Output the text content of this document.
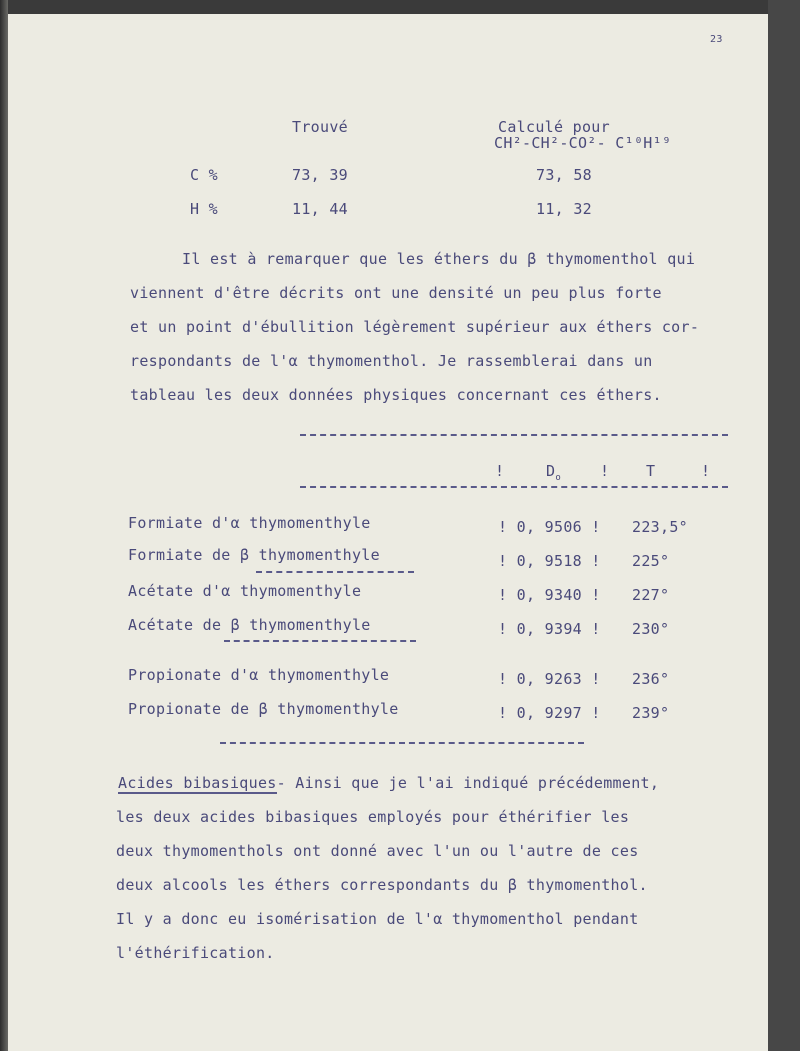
23
Trouvé	Calculé pour
CH²-CH²-CO²- C¹⁰H¹⁹
C %	73, 39	73, 58
H %	11, 44	11, 32
Il est à remarquer que les éthers du β thymomenthol qui
viennent d'être décrits ont une densité un peu plus forte
et un point d'ébullition légèrement supérieur aux éthers cor-
respondants de l'α thymomenthol. Je rassemblerai dans un
tableau les deux données physiques concernant ces éthers.
!	$D_o$	! T	!
Formiate d'α thymomenthyle	! 0, 9506 ! 223,5°
Formiate de β thymomenthyle	! 0, 9518 ! 225°
Acétate d'α thymomenthyle	! 0, 9340 ! 227°
Acétate de β thymomenthyle	! 0, 9394 ! 230°
Propionate d'α thymomenthyle	! 0, 9263 ! 236°
Propionate de β thymomenthyle	! 0, 9297 ! 239°
Acides bibasiques- Ainsi que je l'ai indiqué précédemment,
les deux acides bibasiques employés pour éthérifier les
deux thymomenthols ont donné avec l'un ou l'autre de ces
deux alcools les éthers correspondants du β thymomenthol.
Il y a donc eu isomérisation de l'α thymomenthol pendant
l'éthérification.
